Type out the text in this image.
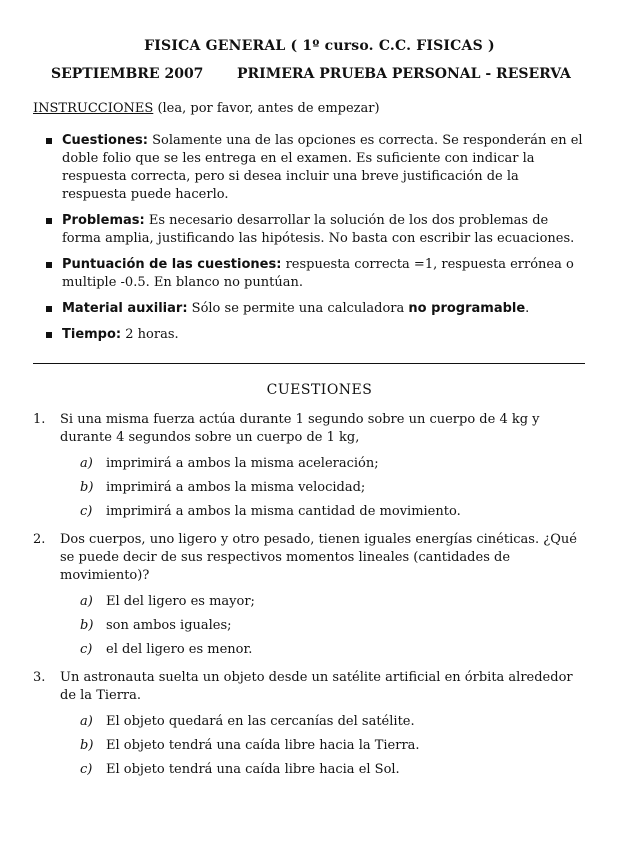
FISICA GENERAL ( 1º curso. C.C. FISICAS )
SEPTIEMBRE 2007 PRIMERA PRUEBA PERSONAL - RESERVA
INSTRUCCIONES (lea, por favor, antes de empezar)
Cuestiones: Solamente una de las opciones es correcta. Se responderán en el doble folio que se les entrega en el examen. Es suficiente con indicar la respuesta correcta, pero si desea incluir una breve justificación de la respuesta puede hacerlo.
Problemas: Es necesario desarrollar la solución de los dos problemas de forma amplia, justificando las hipótesis. No basta con escribir las ecuaciones.
Puntuación de las cuestiones: respuesta correcta =1, respuesta errónea o multiple -0.5. En blanco no puntúan.
Material auxiliar: Sólo se permite una calculadora no programable.
Tiempo: 2 horas.
CUESTIONES
1. Si una misma fuerza actúa durante 1 segundo sobre un cuerpo de 4 kg y durante 4 segundos sobre un cuerpo de 1 kg,
a) imprimirá a ambos la misma aceleración;
b) imprimirá a ambos la misma velocidad;
c) imprimirá a ambos la misma cantidad de movimiento.
2. Dos cuerpos, uno ligero y otro pesado, tienen iguales energías cinéticas. ¿Qué se puede decir de sus respectivos momentos lineales (cantidades de movimiento)?
a) El del ligero es mayor;
b) son ambos iguales;
c) el del ligero es menor.
3. Un astronauta suelta un objeto desde un satélite artificial en órbita alrededor de la Tierra.
a) El objeto quedará en las cercanías del satélite.
b) El objeto tendrá una caída libre hacia la Tierra.
c) El objeto tendrá una caída libre hacia el Sol.
